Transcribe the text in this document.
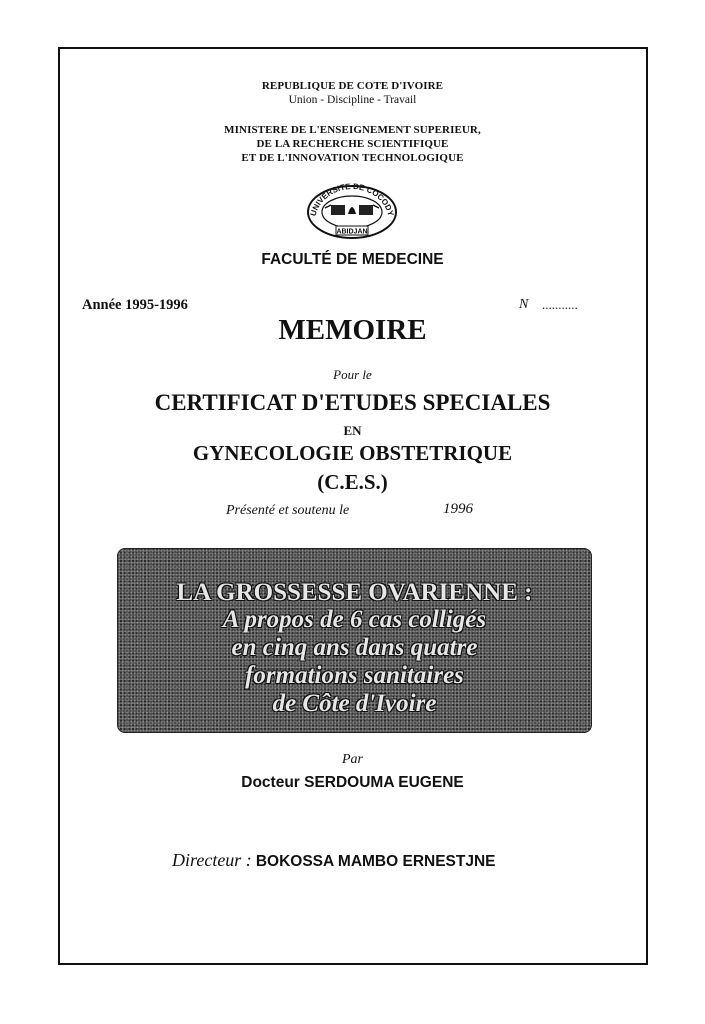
REPUBLIQUE DE COTE D'IVOIRE
Union - Discipline - Travail
MINISTERE DE L'ENSEIGNEMENT SUPERIEUR,
DE LA RECHERCHE SCIENTIFIQUE
ET DE L'INNOVATION TECHNOLOGIQUE
UNIVERSITE DE COCODY
ABIDJAN
FACULTÉ DE MEDECINE
Année 1995-1996	N ...........
MEMOIRE
Pour le
CERTIFICAT D'ETUDES SPECIALES
EN
GYNECOLOGIE OBSTETRIQUE
(C.E.S.)
Présenté et soutenu le	1996
LA GROSSESSE OVARIENNE :
A propos de 6 cas colligés
en cinq ans dans quatre
formations sanitaires
de Côte d'Ivoire
Par
Docteur SERDOUMA EUGENE
Directeur : BOKOSSA MAMBO ERNESTJNE
